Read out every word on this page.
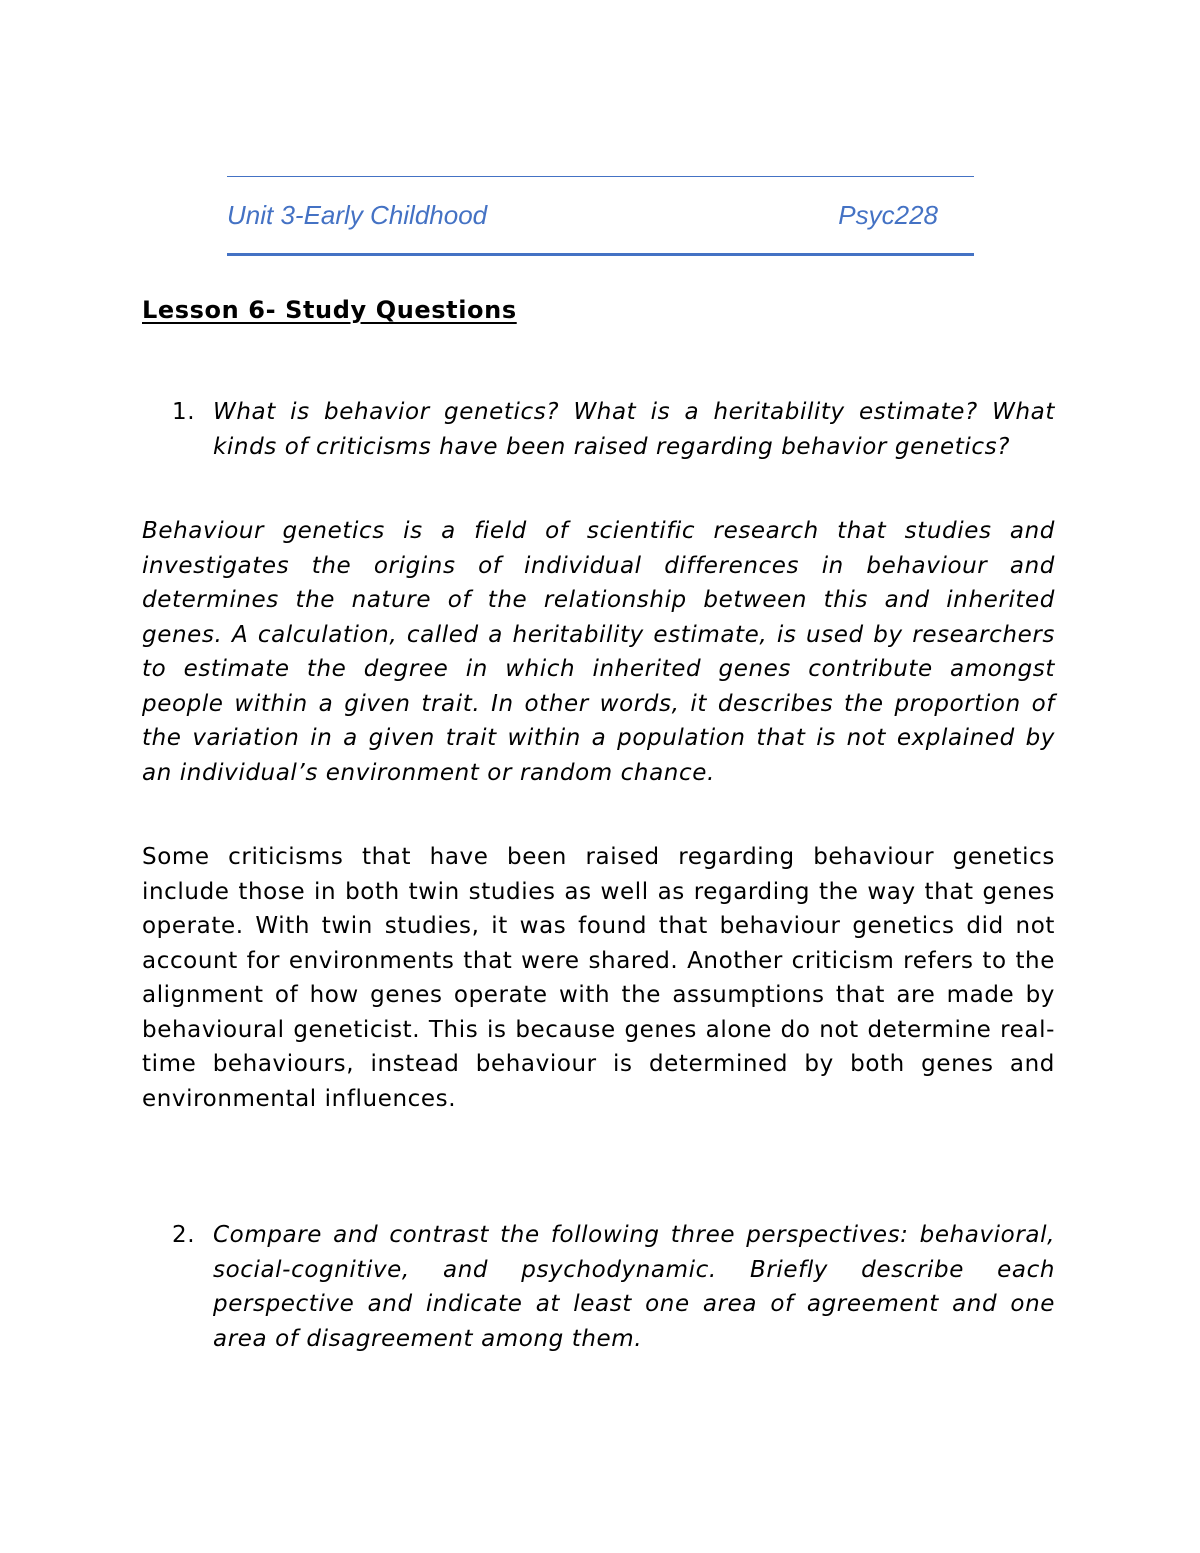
Unit 3-Early Childhood	Psyc228
Lesson 6- Study Questions
1. What is behavior genetics? What is a heritability estimate? What kinds of criticisms have been raised regarding behavior genetics?
Behaviour genetics is a field of scientific research that studies and investigates the origins of individual differences in behaviour and determines the nature of the relationship between this and inherited genes. A calculation, called a heritability estimate, is used by researchers to estimate the degree in which inherited genes contribute amongst people within a given trait. In other words, it describes the proportion of the variation in a given trait within a population that is not explained by an individual’s environment or random chance.
Some criticisms that have been raised regarding behaviour genetics include those in both twin studies as well as regarding the way that genes operate. With twin studies, it was found that behaviour genetics did not account for environments that were shared. Another criticism refers to the alignment of how genes operate with the assumptions that are made by behavioural geneticist. This is because genes alone do not determine real-time behaviours, instead behaviour is determined by both genes and environmental influences.
2. Compare and contrast the following three perspectives: behavioral, social-cognitive, and psychodynamic. Briefly describe each perspective and indicate at least one area of agreement and one area of disagreement among them.
